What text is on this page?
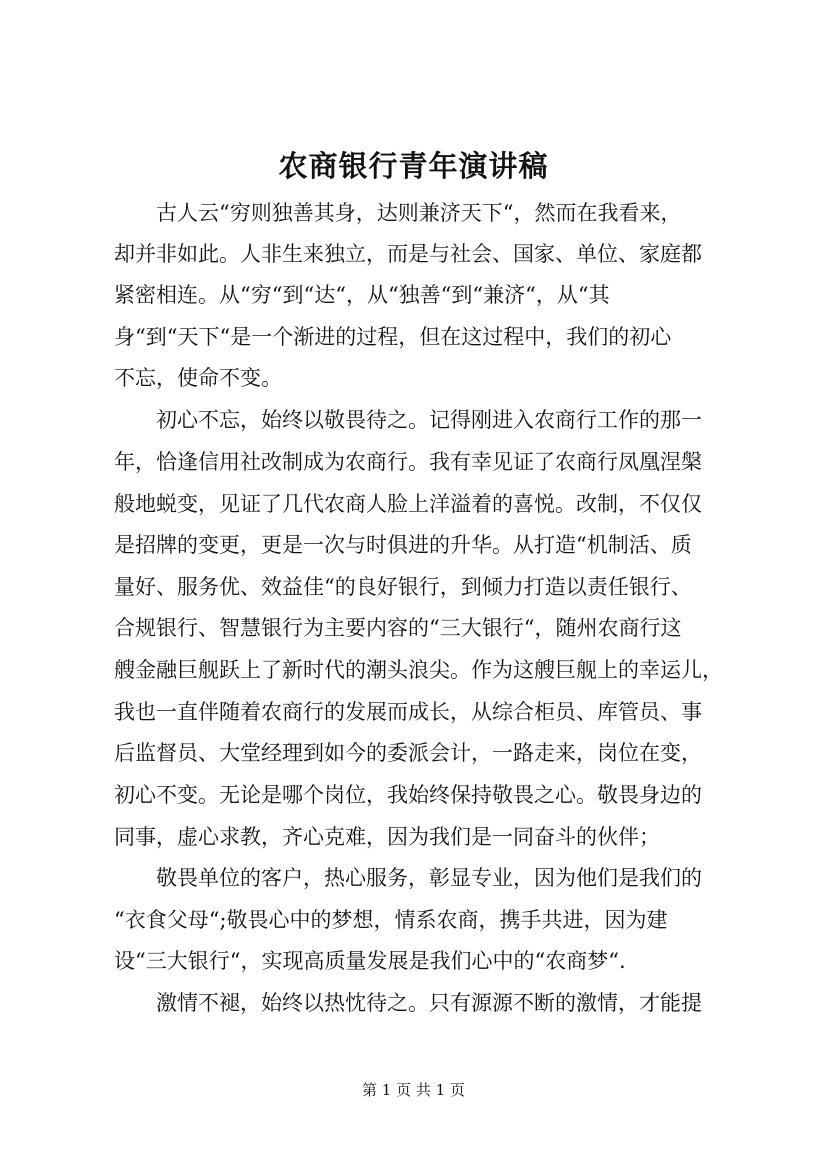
农商银行青年演讲稿

古人云“穷则独善其身，达则兼济天下“，然而在我看来，

却并非如此。人非生来独立，而是与社会、国家、单位、家庭都

紧密相连。从“穷“到“达“，从“独善“到“兼济“，从“其

身“到“天下“是一个渐进的过程，但在这过程中，我们的初心

不忘，使命不变。

初心不忘，始终以敬畏待之。记得刚进入农商行工作的那一

年，恰逢信用社改制成为农商行。我有幸见证了农商行凤凰涅槃

般地蜕变，见证了几代农商人脸上洋溢着的喜悦。改制，不仅仅

是招牌的变更，更是一次与时俱进的升华。从打造“机制活、质

量好、服务优、效益佳“的良好银行，到倾力打造以责任银行、

合规银行、智慧银行为主要内容的“三大银行“，随州农商行这

艘金融巨舰跃上了新时代的潮头浪尖。作为这艘巨舰上的幸运儿，

我也一直伴随着农商行的发展而成长，从综合柜员、库管员、事

后监督员、大堂经理到如今的委派会计，一路走来，岗位在变，

初心不变。无论是哪个岗位，我始终保持敬畏之心。敬畏身边的

同事，虚心求教，齐心克难，因为我们是一同奋斗的伙伴；

敬畏单位的客户，热心服务，彰显专业，因为他们是我们的

“衣食父母“;敬畏心中的梦想，情系农商，携手共进，因为建

设“三大银行“，实现高质量发展是我们心中的“农商梦“.

激情不褪，始终以热忱待之。只有源源不断的激情，才能提

第 1 页 共 1 页
